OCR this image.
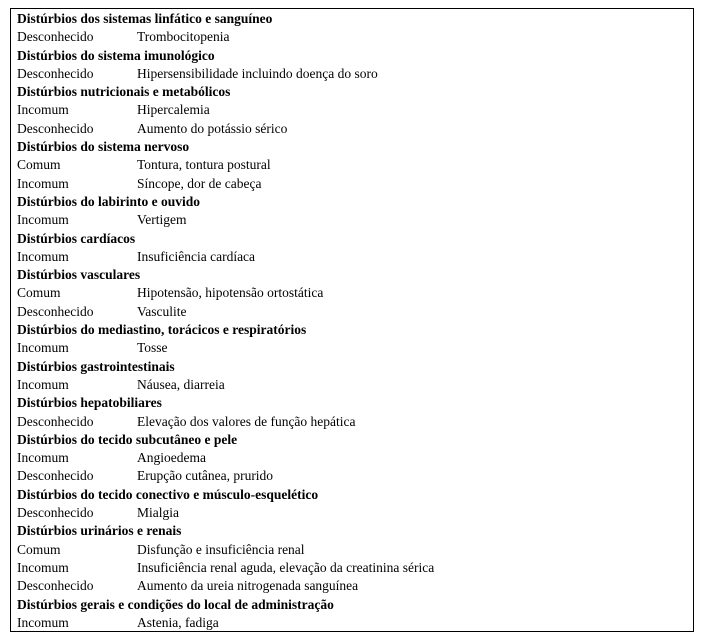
Distúrbios dos sistemas linfático e sanguíneo
Desconhecido	Trombocitopenia
Distúrbios do sistema imunológico
Desconhecido	Hipersensibilidade incluindo doença do soro
Distúrbios nutricionais e metabólicos
Incomum	Hipercalemia
Desconhecido	Aumento do potássio sérico
Distúrbios do sistema nervoso
Comum	Tontura, tontura postural
Incomum	Síncope, dor de cabeça
Distúrbios do labirinto e ouvido
Incomum	Vertigem
Distúrbios cardíacos
Incomum	Insuficiência cardíaca
Distúrbios vasculares
Comum	Hipotensão, hipotensão ortostática
Desconhecido	Vasculite
Distúrbios do mediastino, torácicos e respiratórios
Incomum	Tosse
Distúrbios gastrointestinais
Incomum	Náusea, diarreia
Distúrbios hepatobiliares
Desconhecido	Elevação dos valores de função hepática
Distúrbios do tecido subcutâneo e pele
Incomum	Angioedema
Desconhecido	Erupção cutânea, prurido
Distúrbios do tecido conectivo e músculo-esquelético
Desconhecido	Mialgia
Distúrbios urinários e renais
Comum	Disfunção e insuficiência renal
Incomum	Insuficiência renal aguda, elevação da creatinina sérica
Desconhecido	Aumento da ureia nitrogenada sanguínea
Distúrbios gerais e condições do local de administração
Incomum	Astenia, fadiga
